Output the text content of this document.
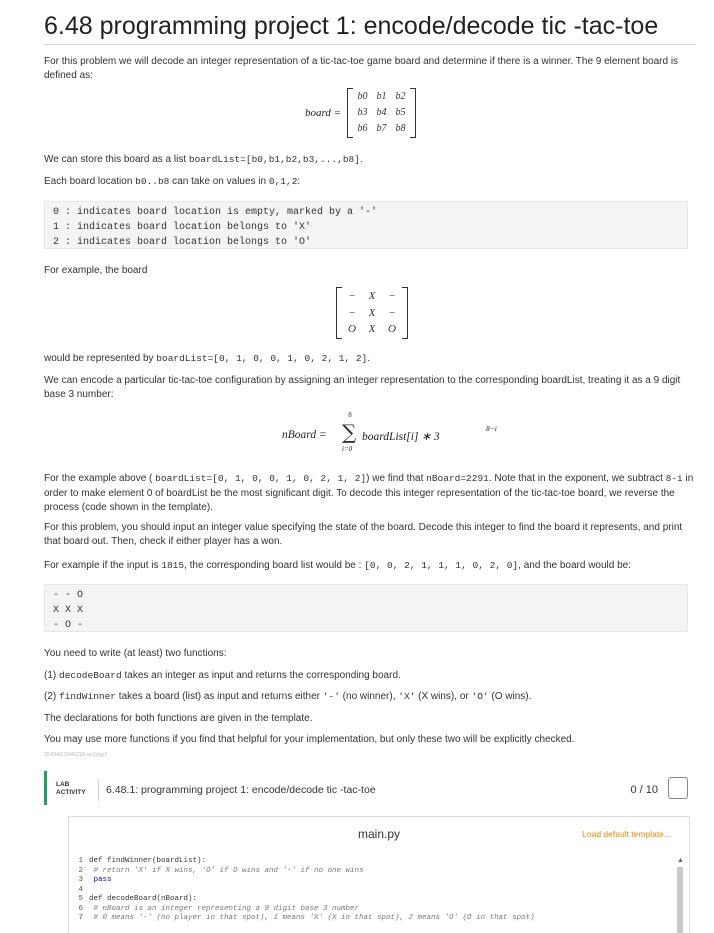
6.48 programming project 1: encode/decode tic -tac-toe
For this problem we will decode an integer representation of a tic-tac-toe game board and determine if there is a winner. The 9 element board is defined as:
board =
b0 b1 b2
b3 b4 b5
b6 b7 b8
We can store this board as a list boardList=[b0,b1,b2,b3,...,b8].
Each board location b0..b8 can take on values in 0,1,2:
0 : indicates board location is empty, marked by a '-'
1 : indicates board location belongs to 'X'
2 : indicates board location belongs to 'O'
For example, the board
−	X	−
−	X	−
O	X	O
would be represented by boardList=[0, 1, 0, 0, 1, 0, 2, 1, 2].
We can encode a particular tic-tac-toe configuration by assigning an integer representation to the corresponding boardList, treating it as a 9 digit base 3 number:
nBoard =
8
∑
i=0
boardList[i] ∗ 3
8−i
For the example above ( boardList=[0, 1, 0, 0, 1, 0, 2, 1, 2]) we find that nBoard=2291. Note that in the exponent, we subtract 8-i in order to make element 0 of boardList be the most significant digit. To decode this integer representation of the tic-tac-toe board, we reverse the process (code shown in the template).
For this problem, you should input an integer value specifying the state of the board. Decode this integer to find the board it represents, and print that board out. Then, check if either player has a won.
For example if the input is 1815, the corresponding board list would be : [0, 0, 2, 1, 1, 1, 0, 2, 0], and the board would be:
- - O
X X X
- O -
You need to write (at least) two functions:
(1) decodeBoard takes an integer as input and returns the corresponding board.
(2) findWinner takes a board (list) as input and returns either '-' (no winner), 'X' (X wins), or 'O' (O wins).
The declarations for both functions are given in the template.
You may use more functions if you find that helpful for your implementation, but only these two will be explicitly checked.
354942.2346220.qx3zqy7
LAB
ACTIVITY 6.48.1: programming project 1: encode/decode tic -tac-toe	0 / 10
main.py	Load default template...
1 def findWinner(boardList):
2 # return 'X' if X wins, 'O' if O wins and '-' if no one wins
3 pass
4
5 def decodeBoard(nBoard):
6 # nBoard is an integer representing a 9 digit base 3 number
7 # 0 means '-' (no player in that spot), 1 means 'X' (X in that spot), 2 means 'O' (O in that spot)
▲
